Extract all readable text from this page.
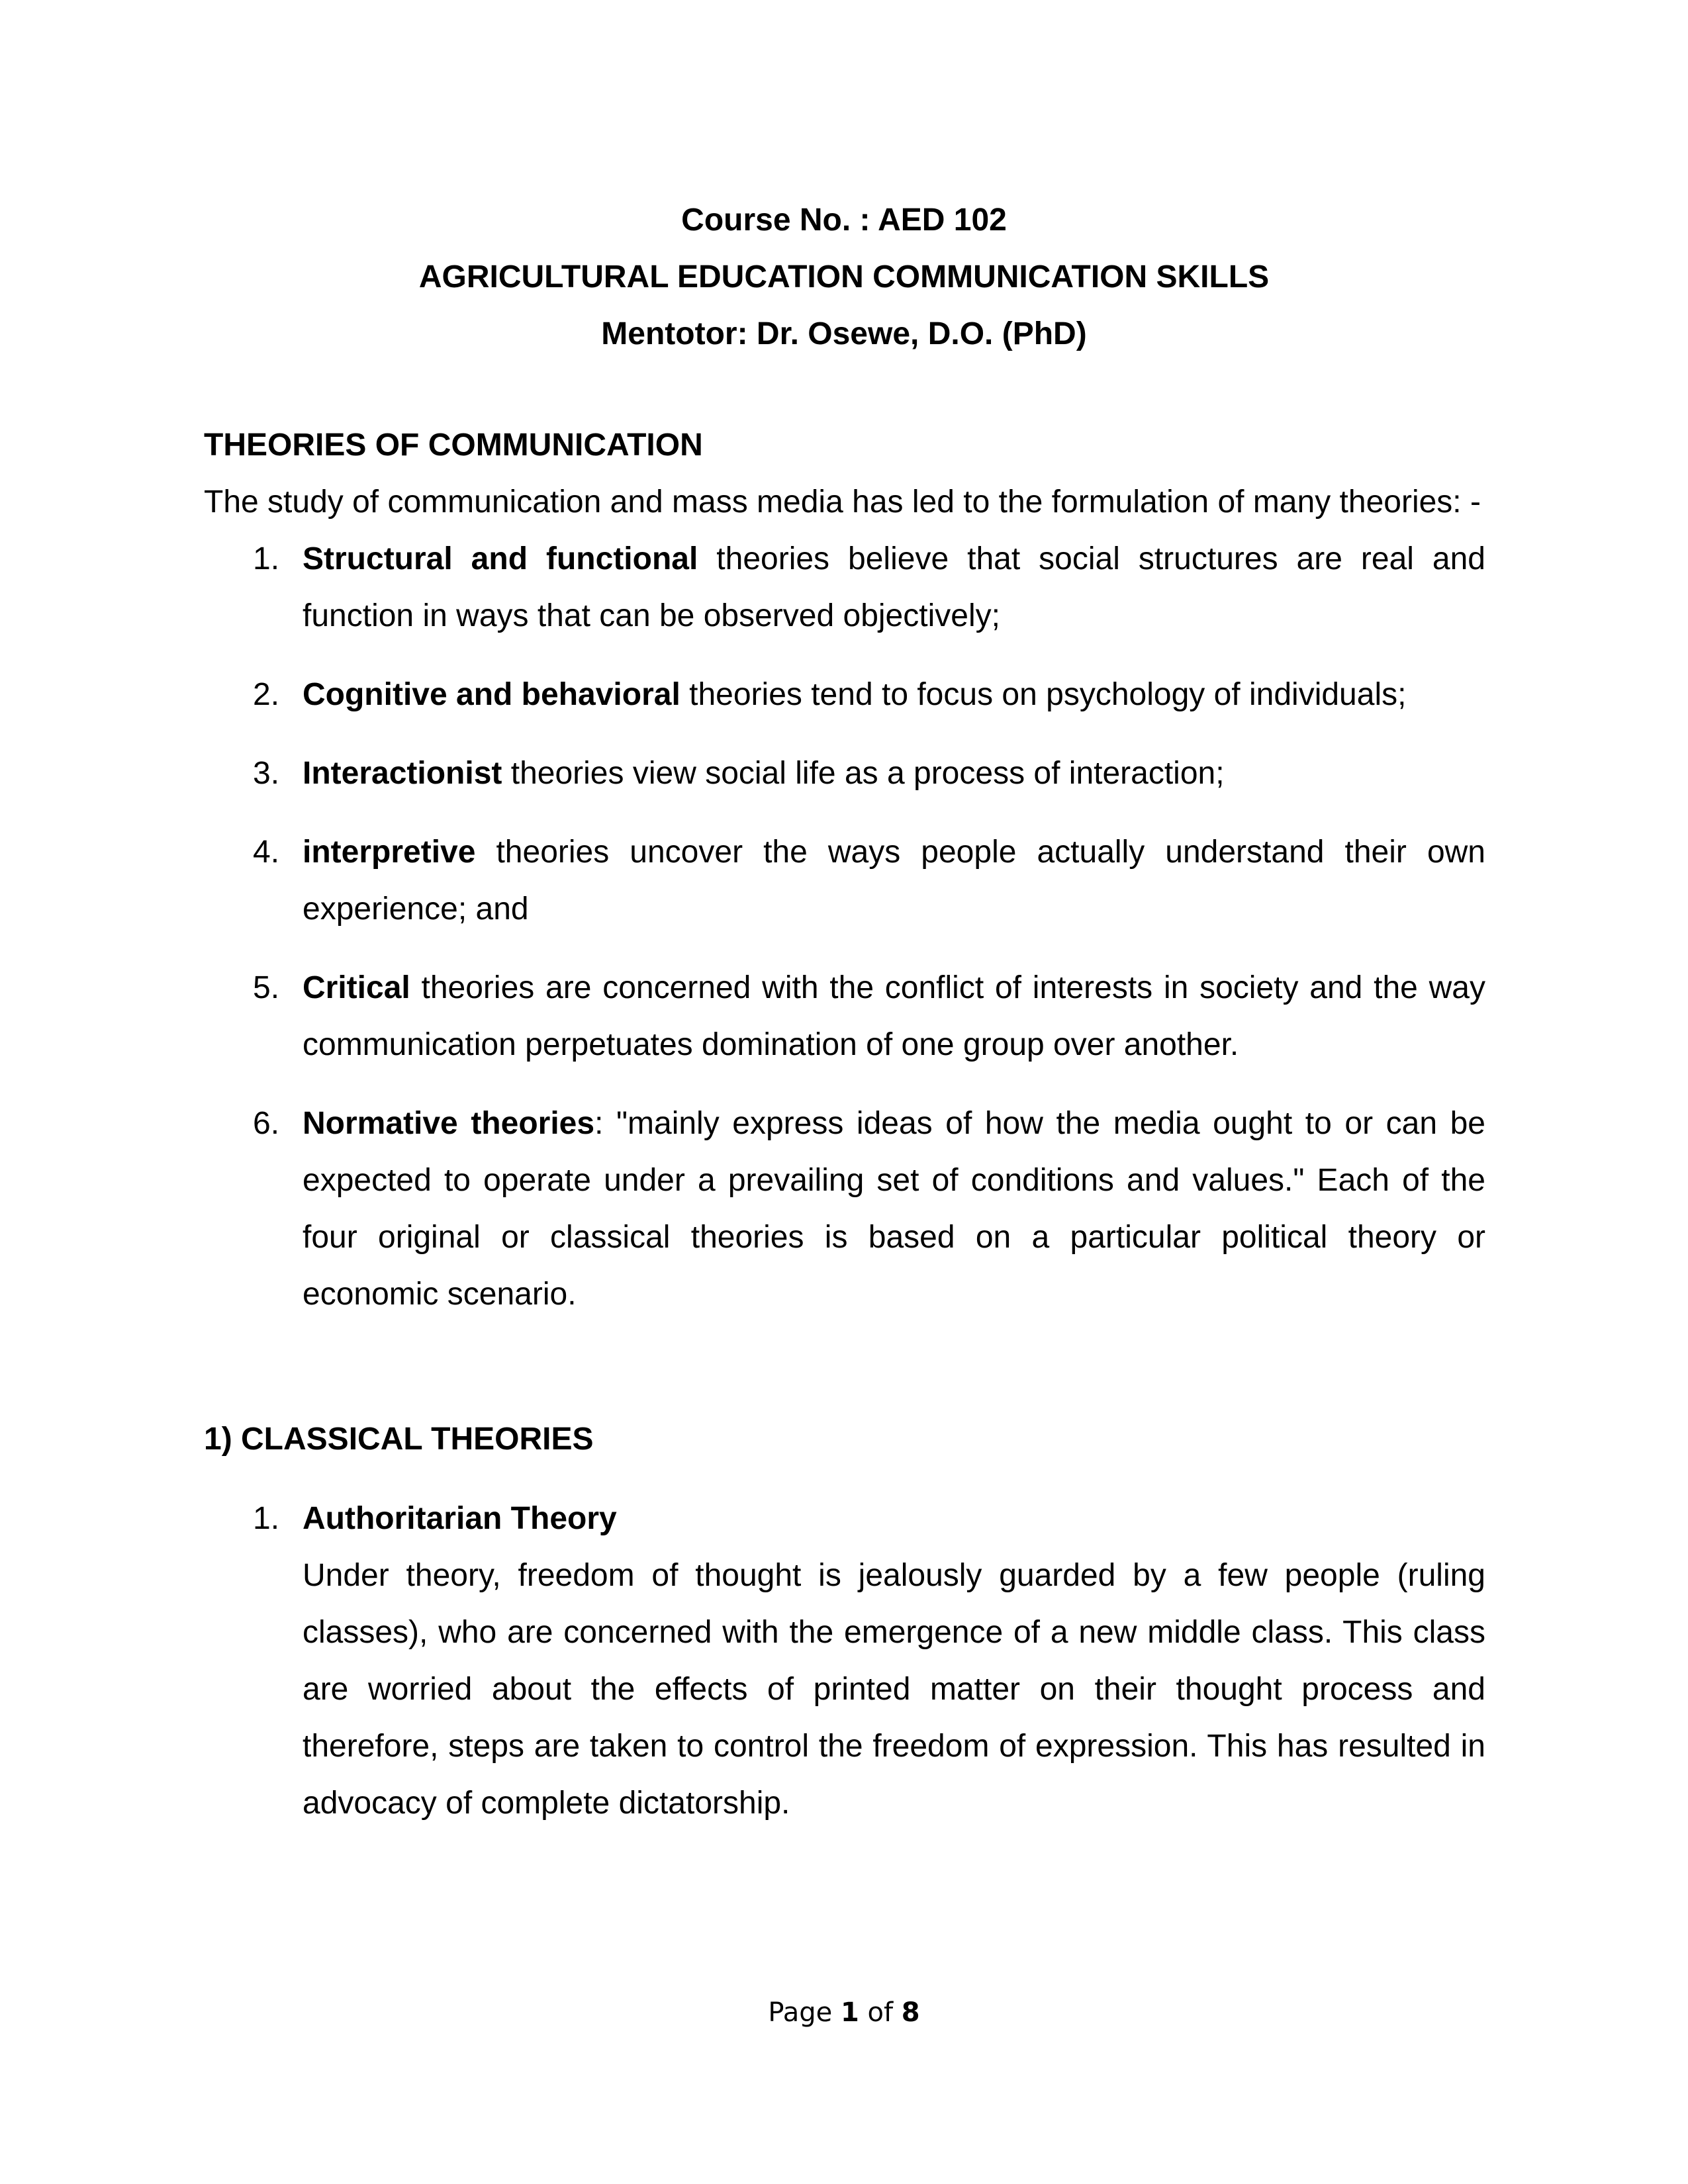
Course No. : AED 102
AGRICULTURAL EDUCATION COMMUNICATION SKILLS
Mentotor: Dr. Osewe, D.O. (PhD)
THEORIES OF COMMUNICATION
The study of communication and mass media has led to the formulation of many theories: -
1. Structural and functional theories believe that social structures are real and function in ways that can be observed objectively;
2. Cognitive and behavioral theories tend to focus on psychology of individuals;
3. Interactionist theories view social life as a process of interaction;
4. interpretive theories uncover the ways people actually understand their own experience; and
5. Critical theories are concerned with the conflict of interests in society and the way communication perpetuates domination of one group over another.
6. Normative theories: "mainly express ideas of how the media ought to or can be expected to operate under a prevailing set of conditions and values." Each of the four original or classical theories is based on a particular political theory or economic scenario.
1) CLASSICAL THEORIES
1. Authoritarian Theory
Under theory, freedom of thought is jealously guarded by a few people (ruling classes), who are concerned with the emergence of a new middle class. This class are worried about the effects of printed matter on their thought process and therefore, steps are taken to control the freedom of expression. This has resulted in advocacy of complete dictatorship.
Page 1 of 8
